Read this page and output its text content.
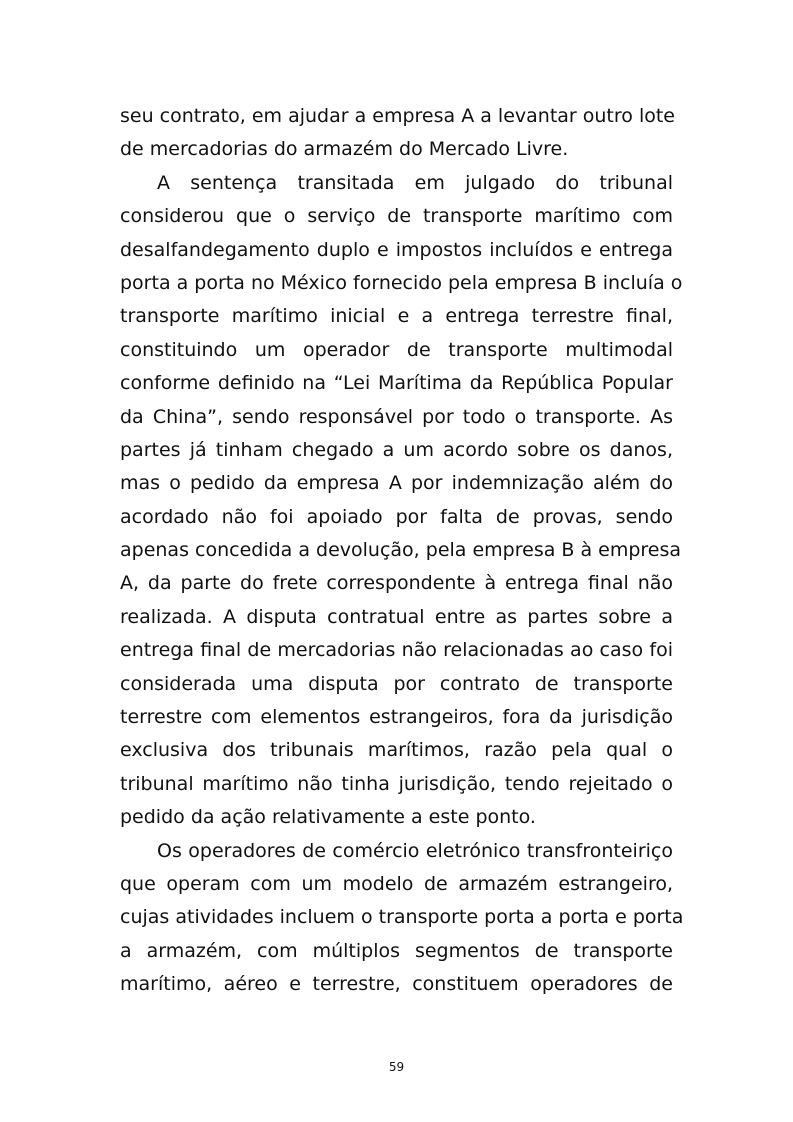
seu contrato, em ajudar a empresa A a levantar outro lote
de mercadorias do armazém do Mercado Livre.
A sentença transitada em julgado do tribunal
considerou que o serviço de transporte marítimo com
desalfandegamento duplo e impostos incluídos e entrega
porta a porta no México fornecido pela empresa B incluía o
transporte marítimo inicial e a entrega terrestre final,
constituindo um operador de transporte multimodal
conforme definido na “Lei Marítima da República Popular
da China”, sendo responsável por todo o transporte. As
partes já tinham chegado a um acordo sobre os danos,
mas o pedido da empresa A por indemnização além do
acordado não foi apoiado por falta de provas, sendo
apenas concedida a devolução, pela empresa B à empresa
A, da parte do frete correspondente à entrega final não
realizada. A disputa contratual entre as partes sobre a
entrega final de mercadorias não relacionadas ao caso foi
considerada uma disputa por contrato de transporte
terrestre com elementos estrangeiros, fora da jurisdição
exclusiva dos tribunais marítimos, razão pela qual o
tribunal marítimo não tinha jurisdição, tendo rejeitado o
pedido da ação relativamente a este ponto.
Os operadores de comércio eletrónico transfronteiriço
que operam com um modelo de armazém estrangeiro,
cujas atividades incluem o transporte porta a porta e porta
a armazém, com múltiplos segmentos de transporte
marítimo, aéreo e terrestre, constituem operadores de
59
